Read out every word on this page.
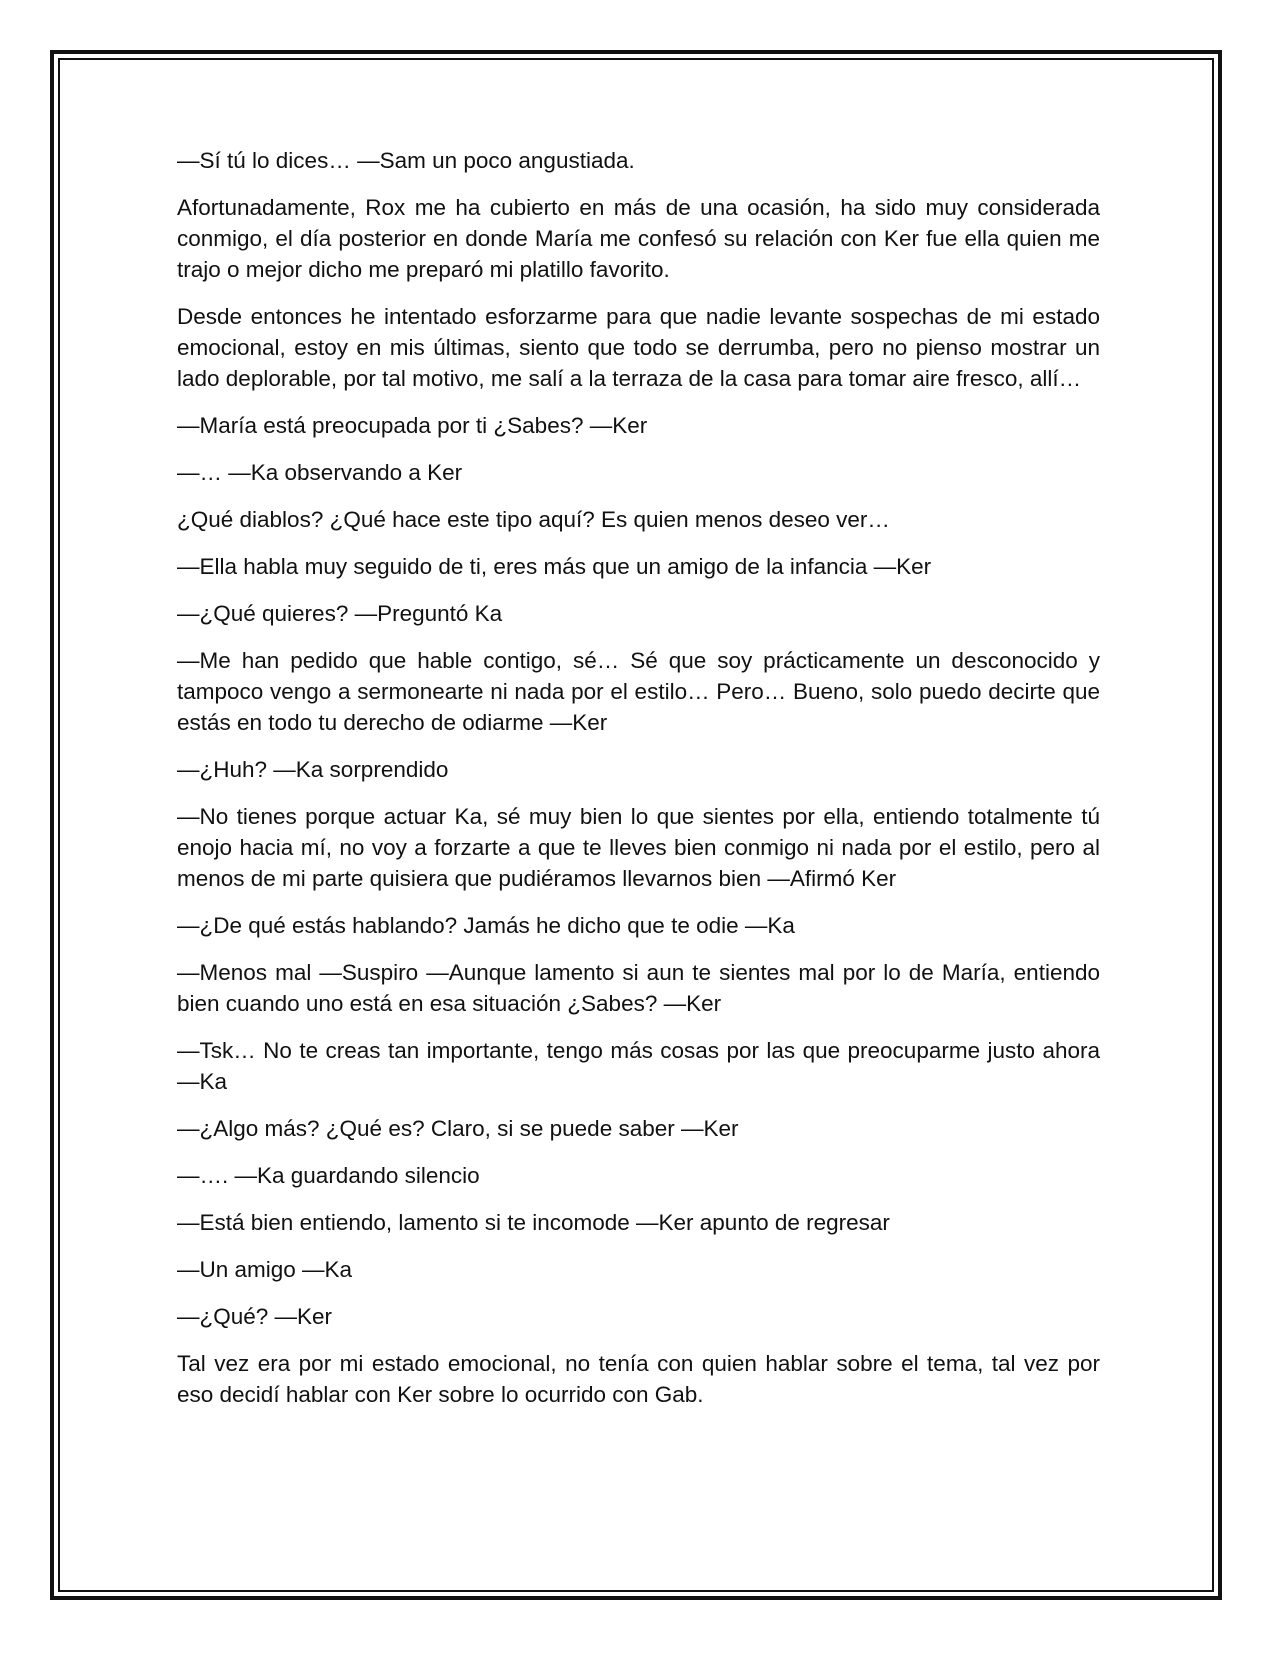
—Sí tú lo dices… —Sam un poco angustiada.

Afortunadamente, Rox me ha cubierto en más de una ocasión, ha sido muy considerada conmigo, el día posterior en donde María me confesó su relación con Ker fue ella quien me trajo o mejor dicho me preparó mi platillo favorito.

Desde entonces he intentado esforzarme para que nadie levante sospechas de mi estado emocional, estoy en mis últimas, siento que todo se derrumba, pero no pienso mostrar un lado deplorable, por tal motivo, me salí a la terraza de la casa para tomar aire fresco, allí…

—María está preocupada por ti ¿Sabes? —Ker

—… —Ka observando a Ker

¿Qué diablos? ¿Qué hace este tipo aquí? Es quien menos deseo ver…

—Ella habla muy seguido de ti, eres más que un amigo de la infancia —Ker

—¿Qué quieres? —Preguntó Ka

—Me han pedido que hable contigo, sé… Sé que soy prácticamente un desconocido y tampoco vengo a sermonearte ni nada por el estilo… Pero… Bueno, solo puedo decirte que estás en todo tu derecho de odiarme —Ker

—¿Huh? —Ka sorprendido

—No tienes porque actuar Ka, sé muy bien lo que sientes por ella, entiendo totalmente tú enojo hacia mí, no voy a forzarte a que te lleves bien conmigo ni nada por el estilo, pero al menos de mi parte quisiera que pudiéramos llevarnos bien —Afirmó Ker

—¿De qué estás hablando? Jamás he dicho que te odie —Ka

—Menos mal —Suspiro —Aunque lamento si aun te sientes mal por lo de María, entiendo bien cuando uno está en esa situación ¿Sabes? —Ker

—Tsk… No te creas tan importante, tengo más cosas por las que preocuparme justo ahora —Ka

—¿Algo más? ¿Qué es? Claro, si se puede saber —Ker

—…. —Ka guardando silencio

—Está bien entiendo, lamento si te incomode —Ker apunto de regresar

—Un amigo —Ka

—¿Qué? —Ker

Tal vez era por mi estado emocional, no tenía con quien hablar sobre el tema, tal vez por eso decidí hablar con Ker sobre lo ocurrido con Gab.
